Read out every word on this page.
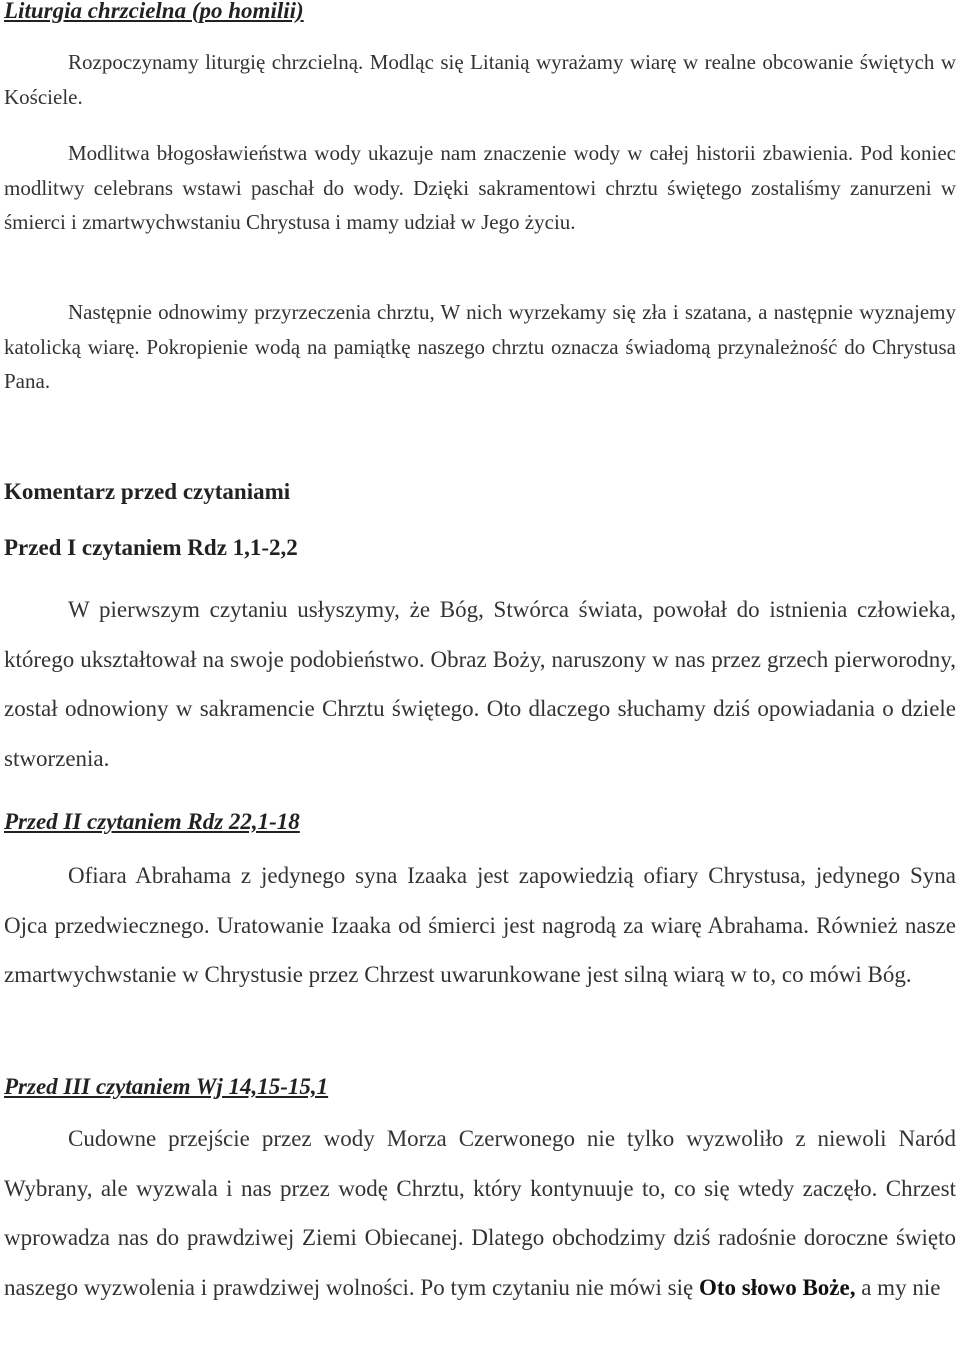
Liturgia chrzcielna (po homilii)

Rozpoczynamy liturgię chrzcielną. Modląc się Litanią wyrażamy wiarę w realne obcowanie świętych w Kościele.

Modlitwa błogosławieństwa wody ukazuje nam znaczenie wody w całej historii zbawienia. Pod koniec modlitwy celebrans wstawi paschał do wody. Dzięki sakramentowi chrztu świętego zostaliśmy zanurzeni w śmierci i zmartwychwstaniu Chrystusa i mamy udział w Jego życiu.

Następnie odnowimy przyrzeczenia chrztu, W nich wyrzekamy się zła i szatana, a następnie wyznajemy katolicką wiarę. Pokropienie wodą na pamiątkę naszego chrztu oznacza świadomą przynależność do Chrystusa Pana.

Komentarz przed czytaniami
Przed I czytaniem Rdz 1,1-2,2

W pierwszym czytaniu usłyszymy, że Bóg, Stwórca świata, powołał do istnienia człowieka, którego ukształtował na swoje podobieństwo. Obraz Boży, naruszony w nas przez grzech pierworodny, został odnowiony w sakramencie Chrztu świętego. Oto dlaczego słuchamy dziś opowiadania o dziele stworzenia.

Przed II czytaniem Rdz 22,1-18

Ofiara Abrahama z jedynego syna Izaaka jest zapowiedzią ofiary Chrystusa, jedynego Syna Ojca przedwiecznego. Uratowanie Izaaka od śmierci jest nagrodą za wiarę Abrahama. Również nasze zmartwychwstanie w Chrystusie przez Chrzest uwarunkowane jest silną wiarą w to, co mówi Bóg.

Przed III czytaniem Wj 14,15-15,1

Cudowne przejście przez wody Morza Czerwonego nie tylko wyzwoliło z niewoli Naród Wybrany, ale wyzwala i nas przez wodę Chrztu, który kontynuuje to, co się wtedy zaczęło. Chrzest wprowadza nas do prawdziwej Ziemi Obiecanej. Dlatego obchodzimy dziś radośnie doroczne święto naszego wyzwolenia i prawdziwej wolności. Po tym czytaniu nie mówi się Oto słowo Boże, a my nie
